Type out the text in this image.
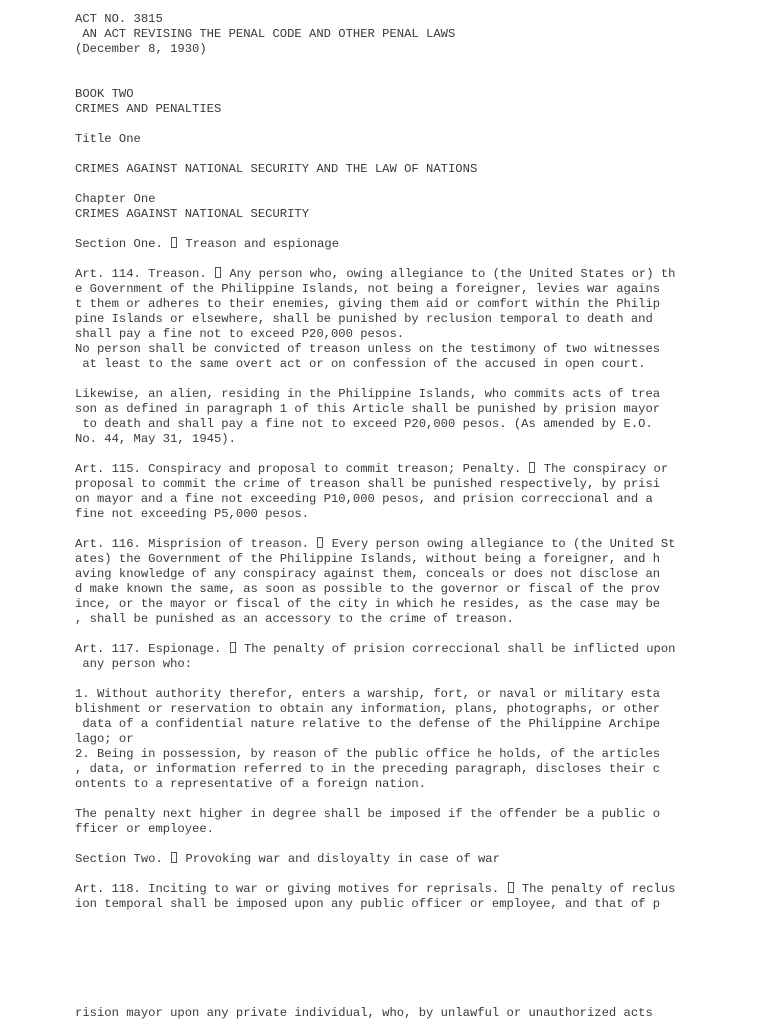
ACT NO. 3815
AN ACT REVISING THE PENAL CODE AND OTHER PENAL LAWS
(December 8, 1930)
BOOK TWO
CRIMES AND PENALTIES
Title One
CRIMES AGAINST NATIONAL SECURITY AND THE LAW OF NATIONS
Chapter One
CRIMES AGAINST NATIONAL SECURITY
Section One. Treason and espionage
Art. 114. Treason. Any person who, owing allegiance to (the United States or) th
e Government of the Philippine Islands, not being a foreigner, levies war agains
t them or adheres to their enemies, giving them aid or comfort within the Philip
pine Islands or elsewhere, shall be punished by reclusion temporal to death and
shall pay a fine not to exceed P20,000 pesos.
No person shall be convicted of treason unless on the testimony of two witnesses
at least to the same overt act or on confession of the accused in open court.
Likewise, an alien, residing in the Philippine Islands, who commits acts of trea
son as defined in paragraph 1 of this Article shall be punished by prision mayor
to death and shall pay a fine not to exceed P20,000 pesos. (As amended by E.O.
No. 44, May 31, 1945).
Art. 115. Conspiracy and proposal to commit treason; Penalty. The conspiracy or
proposal to commit the crime of treason shall be punished respectively, by prisi
on mayor and a fine not exceeding P10,000 pesos, and prision correccional and a
fine not exceeding P5,000 pesos.
Art. 116. Misprision of treason. Every person owing allegiance to (the United St
ates) the Government of the Philippine Islands, without being a foreigner, and h
aving knowledge of any conspiracy against them, conceals or does not disclose an
d make known the same, as soon as possible to the governor or fiscal of the prov
ince, or the mayor or fiscal of the city in which he resides, as the case may be
, shall be punished as an accessory to the crime of treason.
Art. 117. Espionage. The penalty of prision correccional shall be inflicted upon
any person who:
1. Without authority therefor, enters a warship, fort, or naval or military esta
blishment or reservation to obtain any information, plans, photographs, or other
data of a confidential nature relative to the defense of the Philippine Archipe
lago; or
2. Being in possession, by reason of the public office he holds, of the articles
, data, or information referred to in the preceding paragraph, discloses their c
ontents to a representative of a foreign nation.
The penalty next higher in degree shall be imposed if the offender be a public o
fficer or employee.
Section Two. Provoking war and disloyalty in case of war
Art. 118. Inciting to war or giving motives for reprisals. The penalty of reclus
ion temporal shall be imposed upon any public officer or employee, and that of p
rision mayor upon any private individual, who, by unlawful or unauthorized acts
